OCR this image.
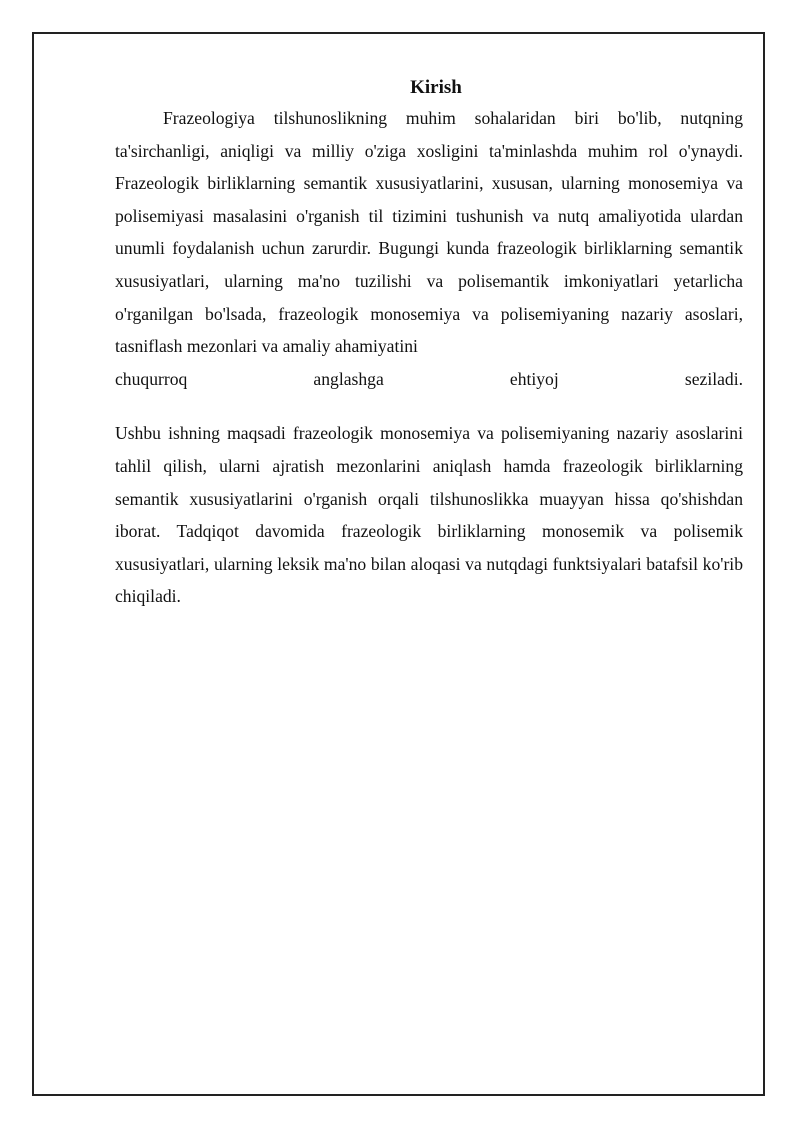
Kirish

Frazeologiya tilshunoslikning muhim sohalaridan biri bo'lib, nutqning ta'sirchanligi, aniqligi va milliy o'ziga xosligini ta'minlashda muhim rol o'ynaydi. Frazeologik birliklarning semantik xususiyatlarini, xususan, ularning monosemiya va polisemiyasi masalasini o'rganish til tizimini tushunish va nutq amaliyotida ulardan unumli foydalanish uchun zarurdir. Bugungi kunda frazeologik birliklarning semantik xususiyatlari, ularning ma'no tuzilishi va polisemantik imkoniyatlari yetarlicha o'rganilgan bo'lsada, frazeologik monosemiya va polisemiyaning nazariy asoslari, tasniflash mezonlari va amaliy ahamiyatini

chuqurroq anglashga ehtiyoj seziladi.

Ushbu ishning maqsadi frazeologik monosemiya va polisemiyaning nazariy asoslarini tahlil qilish, ularni ajratish mezonlarini aniqlash hamda frazeologik birliklarning semantik xususiyatlarini o'rganish orqali tilshunoslikka muayyan hissa qo'shishdan iborat. Tadqiqot davomida frazeologik birliklarning monosemik va polisemik xususiyatlari, ularning leksik ma'no bilan aloqasi va nutqdagi funktsiyalari batafsil ko'rib chiqiladi.
